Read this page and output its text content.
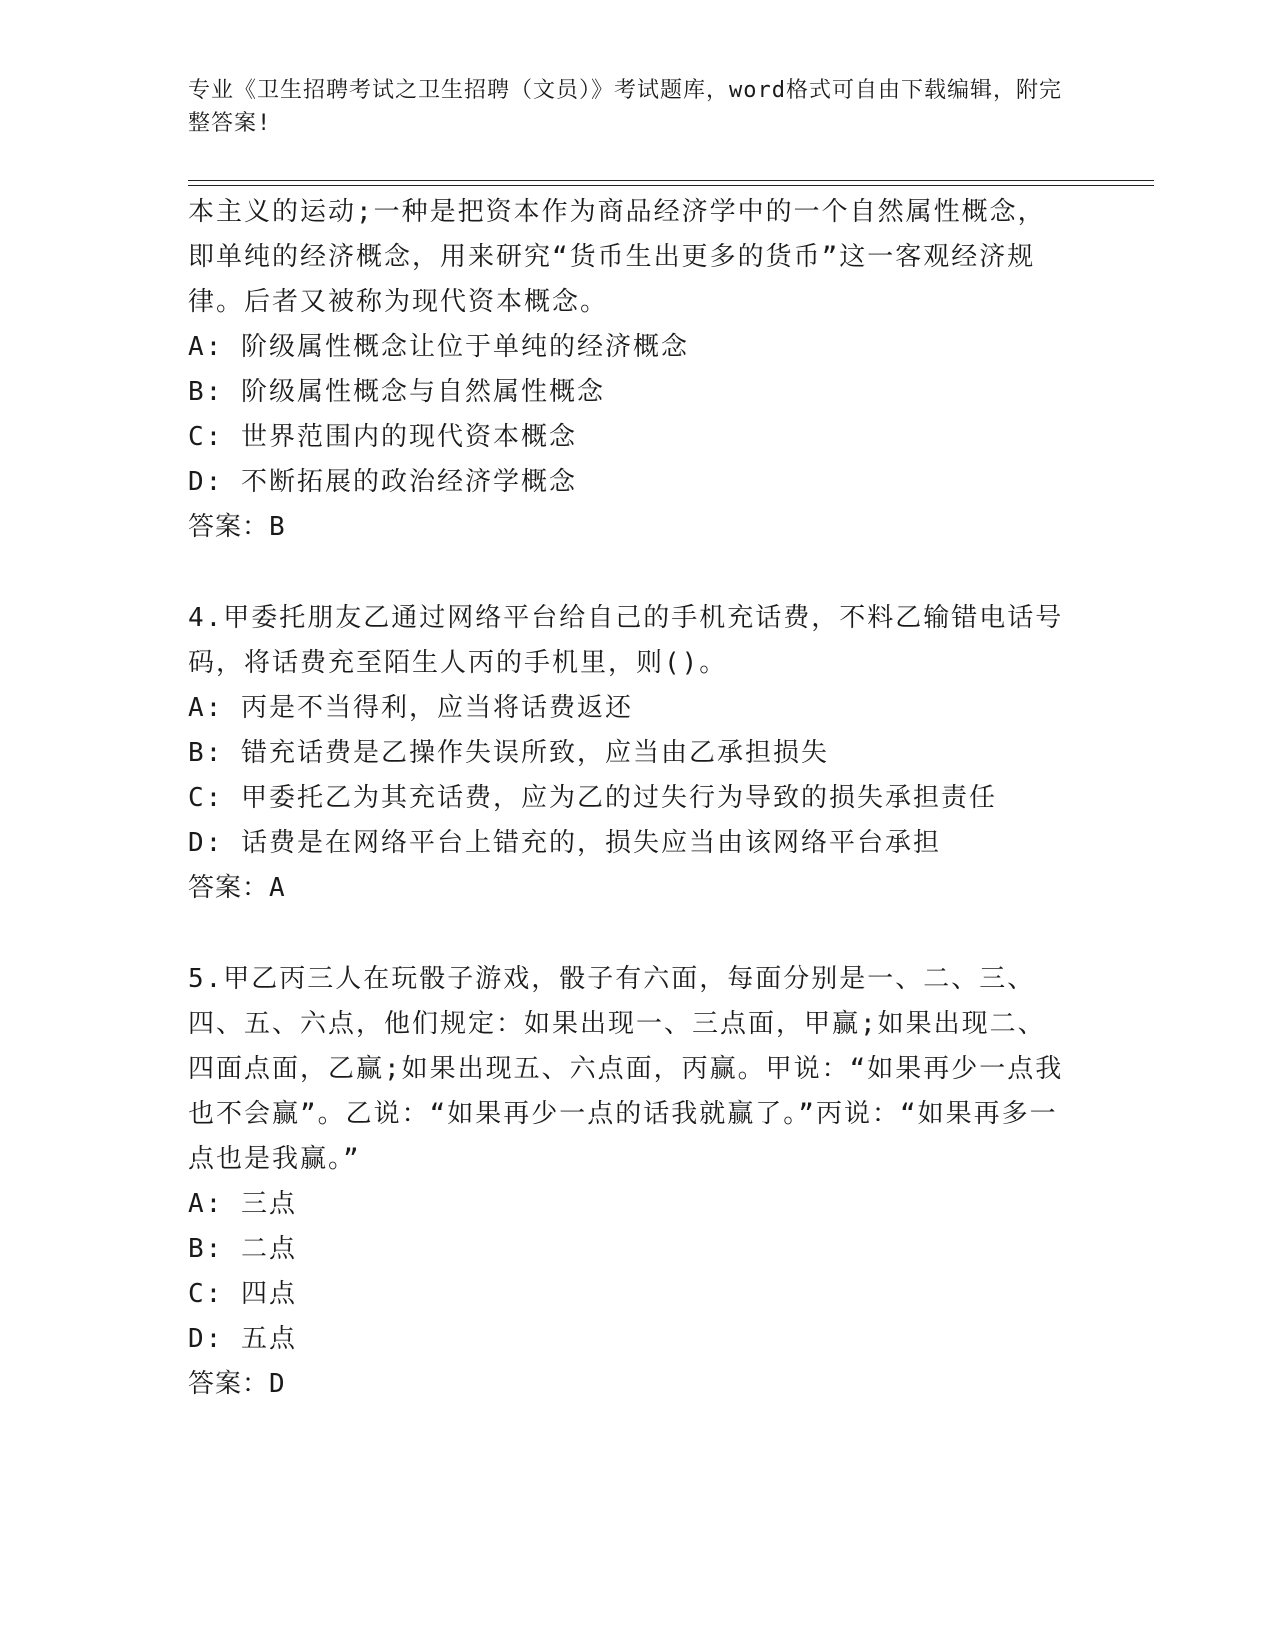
专业《卫生招聘考试之卫生招聘（文员）》考试题库，word格式可自由下载编辑，附完整答案!

本主义的运动;一种是把资本作为商品经济学中的一个自然属性概念，即单纯的经济概念，用来研究“货币生出更多的货币”这一客观经济规律。后者又被称为现代资本概念。

A: 阶级属性概念让位于单纯的经济概念

B: 阶级属性概念与自然属性概念

C: 世界范围内的现代资本概念

D: 不断拓展的政治经济学概念

答案：B

4.甲委托朋友乙通过网络平台给自己的手机充话费，不料乙输错电话号码，将话费充至陌生人丙的手机里，则()。

A: 丙是不当得利，应当将话费返还

B: 错充话费是乙操作失误所致，应当由乙承担损失

C: 甲委托乙为其充话费，应为乙的过失行为导致的损失承担责任

D: 话费是在网络平台上错充的，损失应当由该网络平台承担

答案：A

5.甲乙丙三人在玩骰子游戏，骰子有六面，每面分别是一、二、三、四、五、六点，他们规定：如果出现一、三点面，甲赢;如果出现二、四面点面，乙赢;如果出现五、六点面，丙赢。甲说：“如果再少一点我也不会赢”。乙说：“如果再少一点的话我就赢了。”丙说：“如果再多一点也是我赢。”

A: 三点

B: 二点

C: 四点

D: 五点

答案：D
